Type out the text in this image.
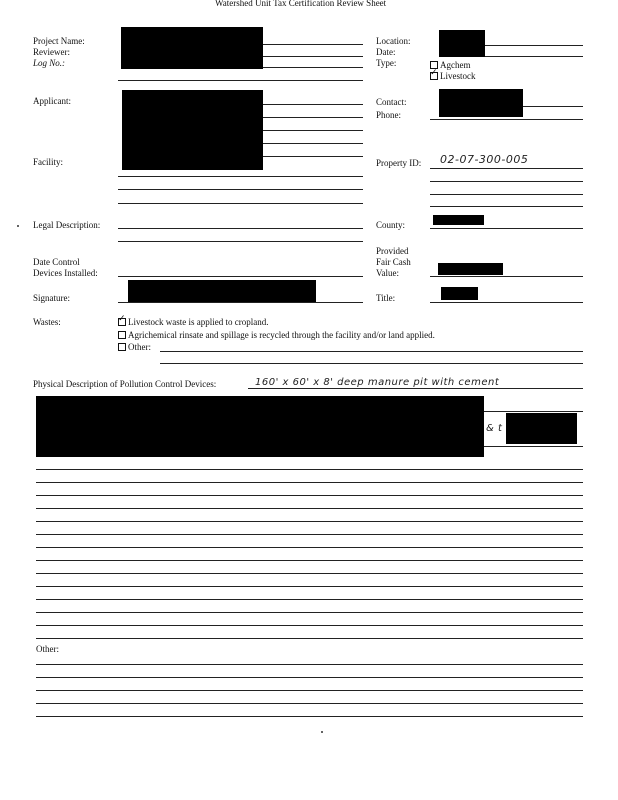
Watershed Unit Tax Certification Review Sheet
Project Name:
Reviewer:
Log No.:
Location:
Date:
Type:	Agchem
✓Livestock
Applicant:	Contact:
Phone:
Facility:	Property ID: 02-07-300-005
Legal Description:	County:
Date Control
Devices Installed:
Provided
Fair Cash
Value:
Signature:	Title:
Wastes:
✓	Livestock waste is applied to cropland.
Agrichemical rinsate and spillage is recycled through the facility and/or land applied.
Other:
Physical Description of Pollution Control Devices:	160' x 60' x 8' deep manure pit with cement
& t
Other:
